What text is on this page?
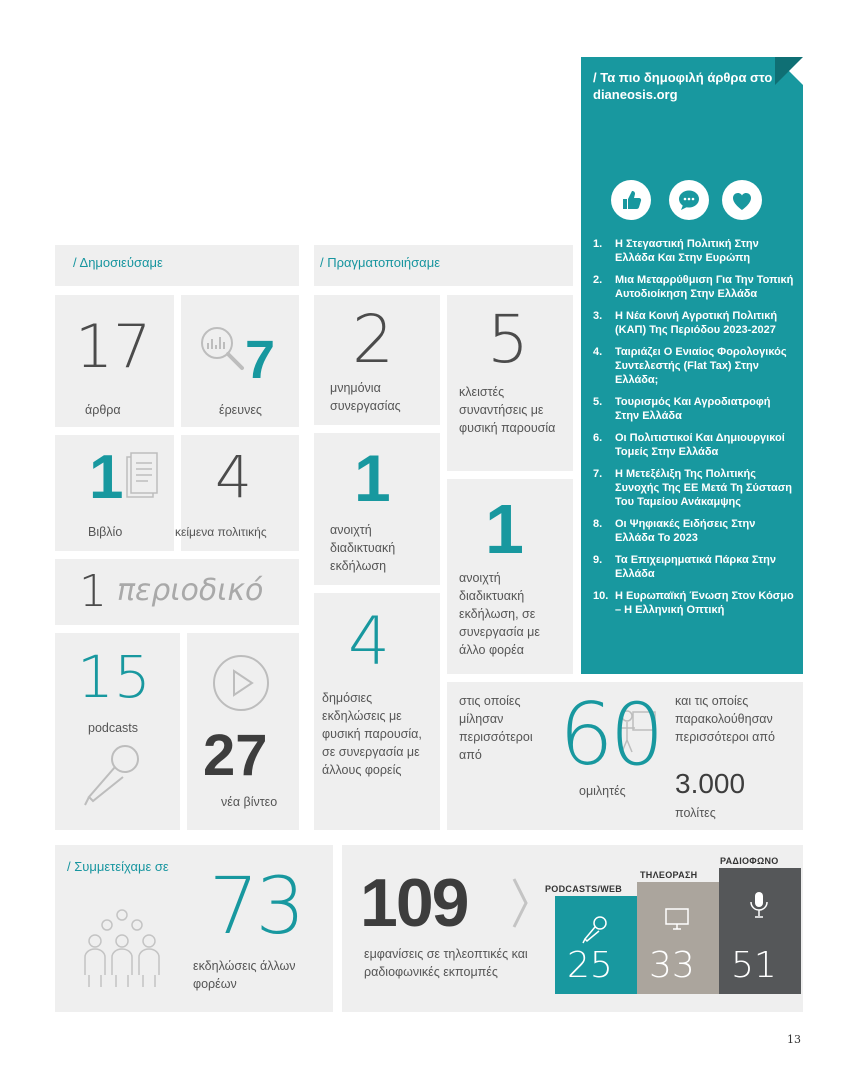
/ Τα πιο δημοφιλή άρθρα στο dianeosis.org
1.	Η Στεγαστική Πολιτική Στην Ελλάδα Και Στην Ευρώπη
2.	Μια Μεταρρύθμιση Για Την Τοπική Αυτοδιοίκηση Στην Ελλάδα
3.	Η Νέα Κοινή Αγροτική Πολιτική (ΚΑΠ) Της Περιόδου 2023-2027
4.	Ταιριάζει Ο Ενιαίος Φορολογικός Συντελεστής (Flat Tax) Στην Ελλάδα;
5.	Τουρισμός Και Αγροδιατροφή Στην Ελλάδα
6.	Οι Πολιτιστικοί Και Δημιουργικοί Τομείς Στην Ελλάδα
7.	Η Μετεξέλιξη Της Πολιτικής Συνοχής Της ΕΕ Μετά Τη Σύσταση Του Ταμείου Ανάκαμψης
8.	Οι Ψηφιακές Ειδήσεις Στην Ελλάδα Το 2023
9.	Τα Επιχειρηματικά Πάρκα Στην Ελλάδα
10. Η Ευρωπαϊκή Ένωση Στον Κόσμο – Η Ελληνική Οπτική
/ Δημοσιεύσαμε
17
άρθρα
7
έρευνες
1
Βιβλίο
4
κείμενα πολιτικής
1 περιοδικό
15
podcasts 27
νέα βίντεο
/ Πραγματοποιήσαμε
2
μνημόνια συνεργασίας
5
κλειστές συναντήσεις με φυσική παρουσία
1
ανοιχτή διαδικτυακή εκδήλωση	1
ανοιχτή διαδικτυακή εκδήλωση, σε συνεργασία με άλλο φορέα
4
δημόσιες εκδηλώσεις με φυσική παρουσία, σε συνεργασία με άλλους φορείς
στις οποίες μίλησαν περισσότεροι από 60
ομιλητές
και τις οποίες παρακολούθησαν περισσότεροι από
3.000
πολίτες
/ Συμμετείχαμε σε 73
εκδηλώσεις άλλων φορέων
109
εμφανίσεις σε τηλεοπτικές και ραδιοφωνικές εκπομπές
PODCASTS/WEB
25
ΤΗΛΕΟΡΑΣΗ
33
ΡΑΔΙΟΦΩΝΟ
51
13
